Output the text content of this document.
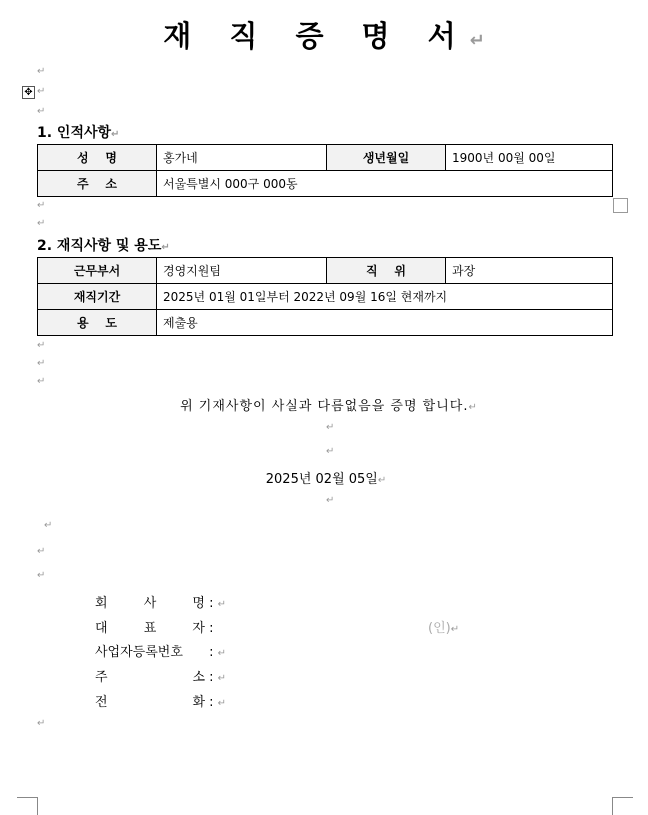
재 직 증 명 서↵
↵
✥ ↵
↵
1. 인적사항↵
성    명	홍가네	생년월일	1900년 00월 00일
주    소	서울특별시 000구 000동		
↵
↵
2. 재직사항 및 용도↵
근무부서	경영지원팀	직    위	과장
재직기간	2025년 01월 01일부터 2022년 09월 16일 현재까지		
용    도	제출용		
↵
↵
↵
위 기재사항이 사실과 다름없음을 증명 합니다.↵
↵
↵
2025년 02월 05일↵
↵
↵
↵
↵
회 사 명 : ↵
대 표 자 :	(인)↵
사업자등록번호 : ↵
주 소 : ↵
전 화 : ↵
↵
